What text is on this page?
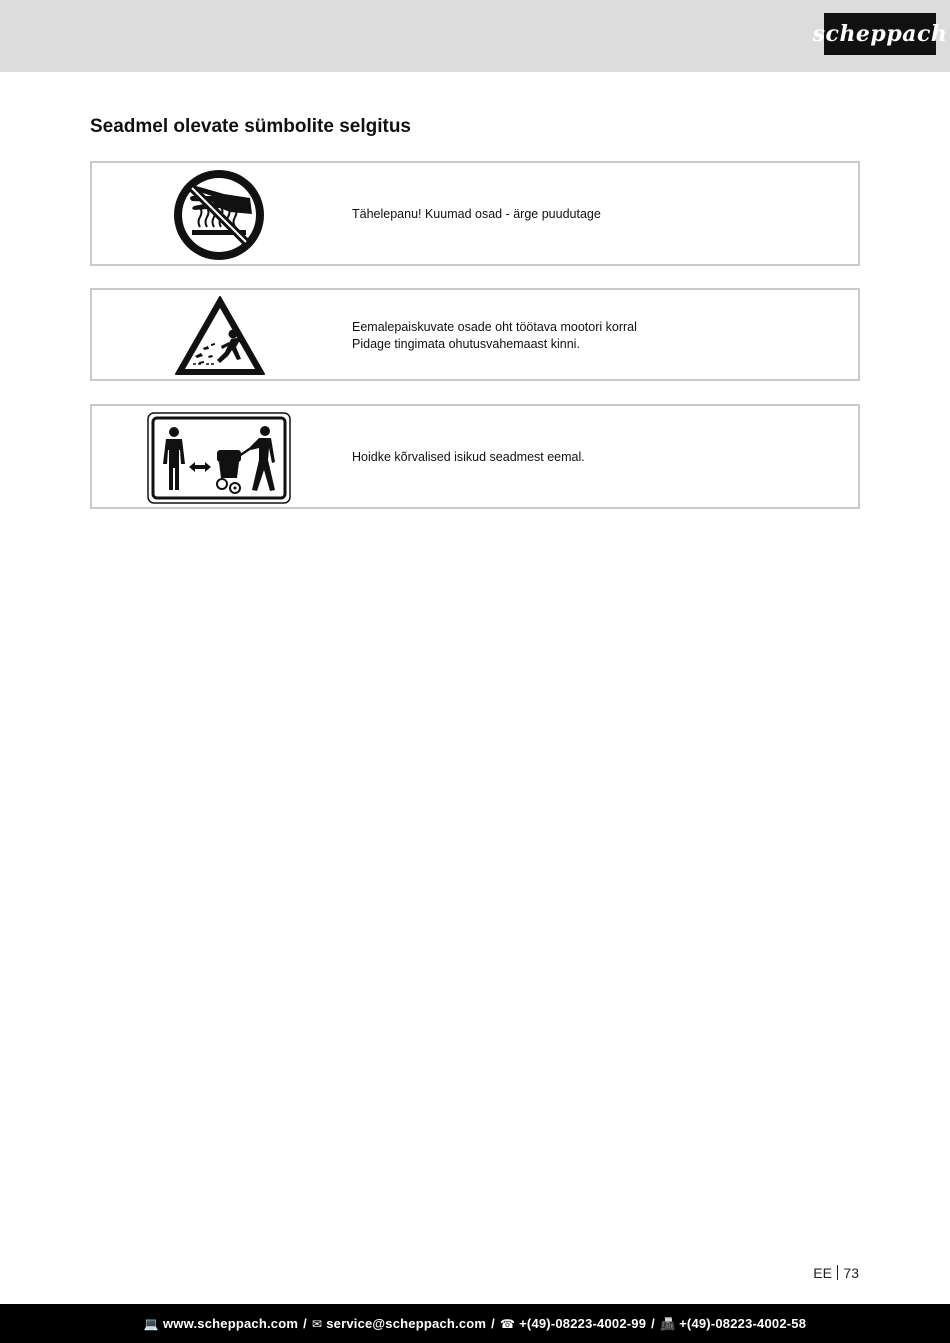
scheppach
Seadmel olevate sümbolite selgitus
Tähelepanu! Kuumad osad - ärge puudutage
Eemalepaiskuvate osade oht töötava mootori korral
Pidage tingimata ohutusvahemaast kinni.
Hoidke kõrvalised isikud seadmest eemal.
EE 73
💻 www.scheppach.com / ✉ service@scheppach.com / ☎ +(49)-08223-4002-99 / 📠 +(49)-08223-4002-58
